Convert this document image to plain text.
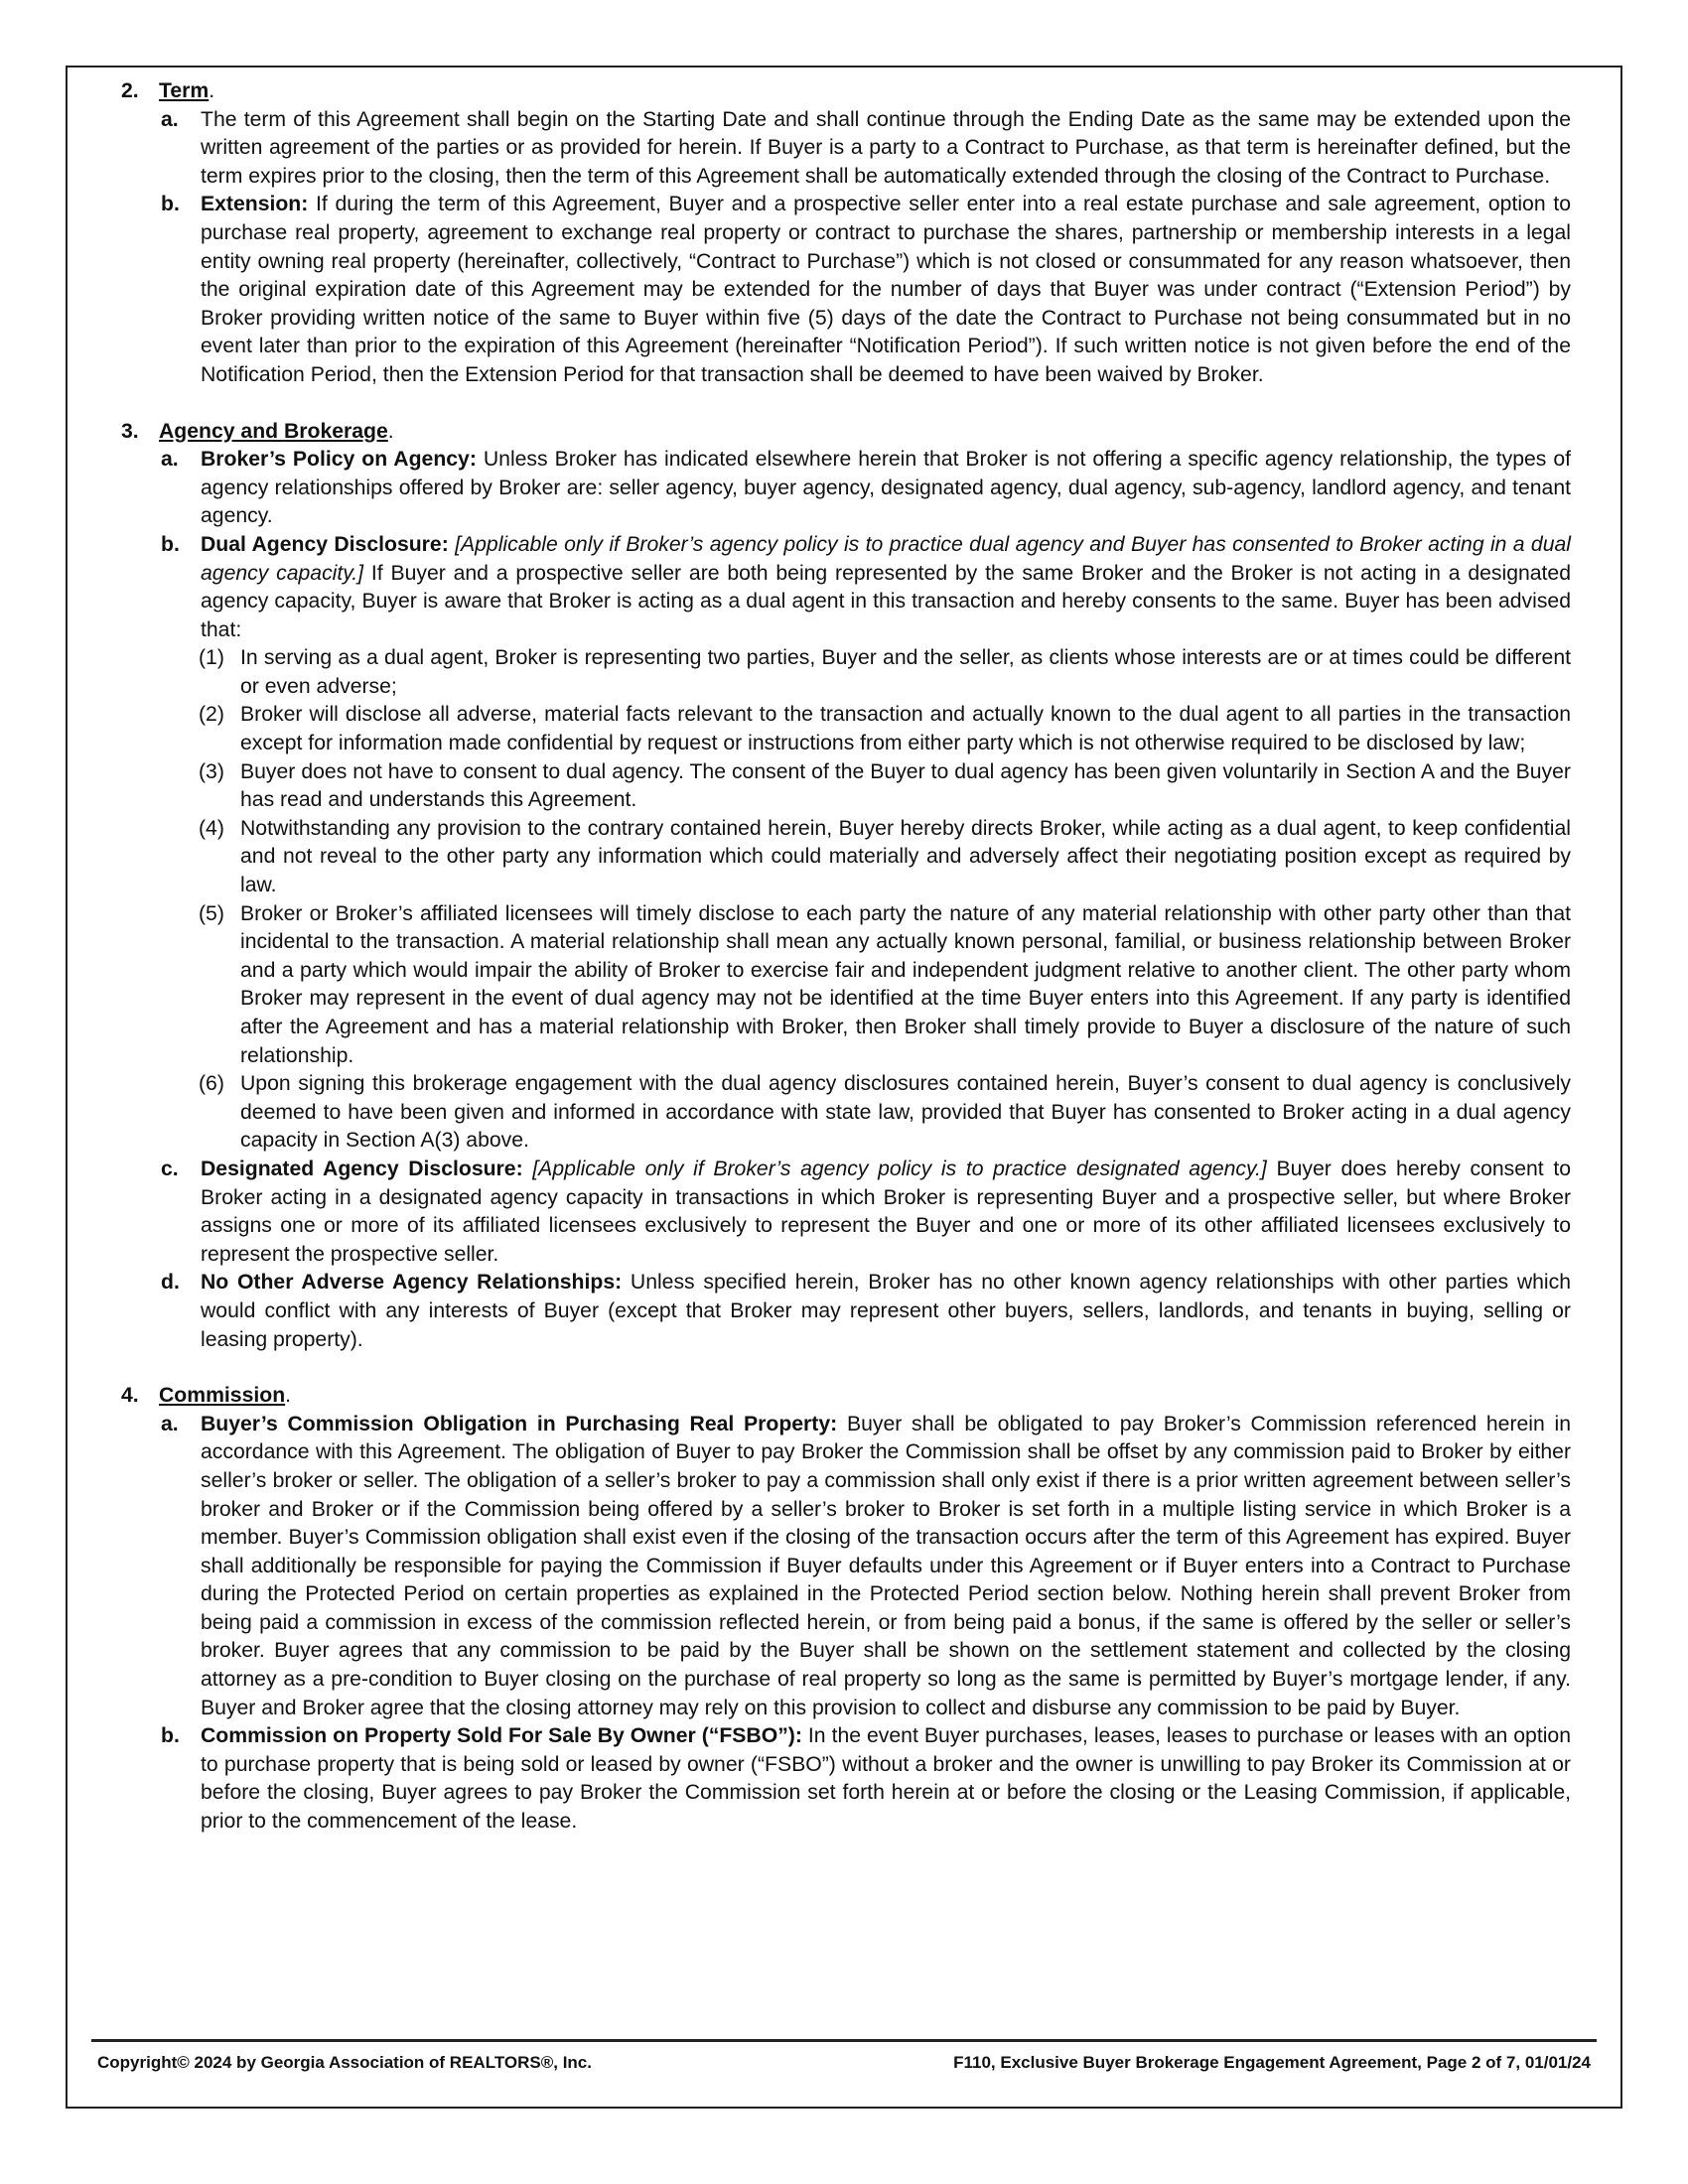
2. Term.
a. The term of this Agreement shall begin on the Starting Date and shall continue through the Ending Date as the same may be extended upon the written agreement of the parties or as provided for herein. If Buyer is a party to a Contract to Purchase, as that term is hereinafter defined, but the term expires prior to the closing, then the term of this Agreement shall be automatically extended through the closing of the Contract to Purchase.
b. Extension: If during the term of this Agreement, Buyer and a prospective seller enter into a real estate purchase and sale agreement, option to purchase real property, agreement to exchange real property or contract to purchase the shares, partnership or membership interests in a legal entity owning real property (hereinafter, collectively, “Contract to Purchase”) which is not closed or consummated for any reason whatsoever, then the original expiration date of this Agreement may be extended for the number of days that Buyer was under contract (“Extension Period”) by Broker providing written notice of the same to Buyer within five (5) days of the date the Contract to Purchase not being consummated but in no event later than prior to the expiration of this Agreement (hereinafter “Notification Period”). If such written notice is not given before the end of the Notification Period, then the Extension Period for that transaction shall be deemed to have been waived by Broker.
3. Agency and Brokerage.
a. Broker’s Policy on Agency: Unless Broker has indicated elsewhere herein that Broker is not offering a specific agency relationship, the types of agency relationships offered by Broker are: seller agency, buyer agency, designated agency, dual agency, sub-agency, landlord agency, and tenant agency.
b. Dual Agency Disclosure: [Applicable only if Broker’s agency policy is to practice dual agency and Buyer has consented to Broker acting in a dual agency capacity.] If Buyer and a prospective seller are both being represented by the same Broker and the Broker is not acting in a designated agency capacity, Buyer is aware that Broker is acting as a dual agent in this transaction and hereby consents to the same. Buyer has been advised that:
(1) In serving as a dual agent, Broker is representing two parties, Buyer and the seller, as clients whose interests are or at times could be different or even adverse;
(2) Broker will disclose all adverse, material facts relevant to the transaction and actually known to the dual agent to all parties in the transaction except for information made confidential by request or instructions from either party which is not otherwise required to be disclosed by law;
(3) Buyer does not have to consent to dual agency. The consent of the Buyer to dual agency has been given voluntarily in Section A and the Buyer has read and understands this Agreement.
(4) Notwithstanding any provision to the contrary contained herein, Buyer hereby directs Broker, while acting as a dual agent, to keep confidential and not reveal to the other party any information which could materially and adversely affect their negotiating position except as required by law.
(5) Broker or Broker’s affiliated licensees will timely disclose to each party the nature of any material relationship with other party other than that incidental to the transaction. A material relationship shall mean any actually known personal, familial, or business relationship between Broker and a party which would impair the ability of Broker to exercise fair and independent judgment relative to another client. The other party whom Broker may represent in the event of dual agency may not be identified at the time Buyer enters into this Agreement. If any party is identified after the Agreement and has a material relationship with Broker, then Broker shall timely provide to Buyer a disclosure of the nature of such relationship.
(6) Upon signing this brokerage engagement with the dual agency disclosures contained herein, Buyer’s consent to dual agency is conclusively deemed to have been given and informed in accordance with state law, provided that Buyer has consented to Broker acting in a dual agency capacity in Section A(3) above.
c. Designated Agency Disclosure: [Applicable only if Broker’s agency policy is to practice designated agency.] Buyer does hereby consent to Broker acting in a designated agency capacity in transactions in which Broker is representing Buyer and a prospective seller, but where Broker assigns one or more of its affiliated licensees exclusively to represent the Buyer and one or more of its other affiliated licensees exclusively to represent the prospective seller.
d. No Other Adverse Agency Relationships: Unless specified herein, Broker has no other known agency relationships with other parties which would conflict with any interests of Buyer (except that Broker may represent other buyers, sellers, landlords, and tenants in buying, selling or leasing property).
4. Commission.
a. Buyer’s Commission Obligation in Purchasing Real Property: Buyer shall be obligated to pay Broker’s Commission referenced herein in accordance with this Agreement. The obligation of Buyer to pay Broker the Commission shall be offset by any commission paid to Broker by either seller’s broker or seller. The obligation of a seller’s broker to pay a commission shall only exist if there is a prior written agreement between seller’s broker and Broker or if the Commission being offered by a seller’s broker to Broker is set forth in a multiple listing service in which Broker is a member. Buyer’s Commission obligation shall exist even if the closing of the transaction occurs after the term of this Agreement has expired. Buyer shall additionally be responsible for paying the Commission if Buyer defaults under this Agreement or if Buyer enters into a Contract to Purchase during the Protected Period on certain properties as explained in the Protected Period section below. Nothing herein shall prevent Broker from being paid a commission in excess of the commission reflected herein, or from being paid a bonus, if the same is offered by the seller or seller’s broker. Buyer agrees that any commission to be paid by the Buyer shall be shown on the settlement statement and collected by the closing attorney as a pre-condition to Buyer closing on the purchase of real property so long as the same is permitted by Buyer’s mortgage lender, if any. Buyer and Broker agree that the closing attorney may rely on this provision to collect and disburse any commission to be paid by Buyer.
b. Commission on Property Sold For Sale By Owner (“FSBO”): In the event Buyer purchases, leases, leases to purchase or leases with an option to purchase property that is being sold or leased by owner (“FSBO”) without a broker and the owner is unwilling to pay Broker its Commission at or before the closing, Buyer agrees to pay Broker the Commission set forth herein at or before the closing or the Leasing Commission, if applicable, prior to the commencement of the lease.
Copyright© 2024 by Georgia Association of REALTORS®, Inc.	F110, Exclusive Buyer Brokerage Engagement Agreement, Page 2 of 7, 01/01/24
